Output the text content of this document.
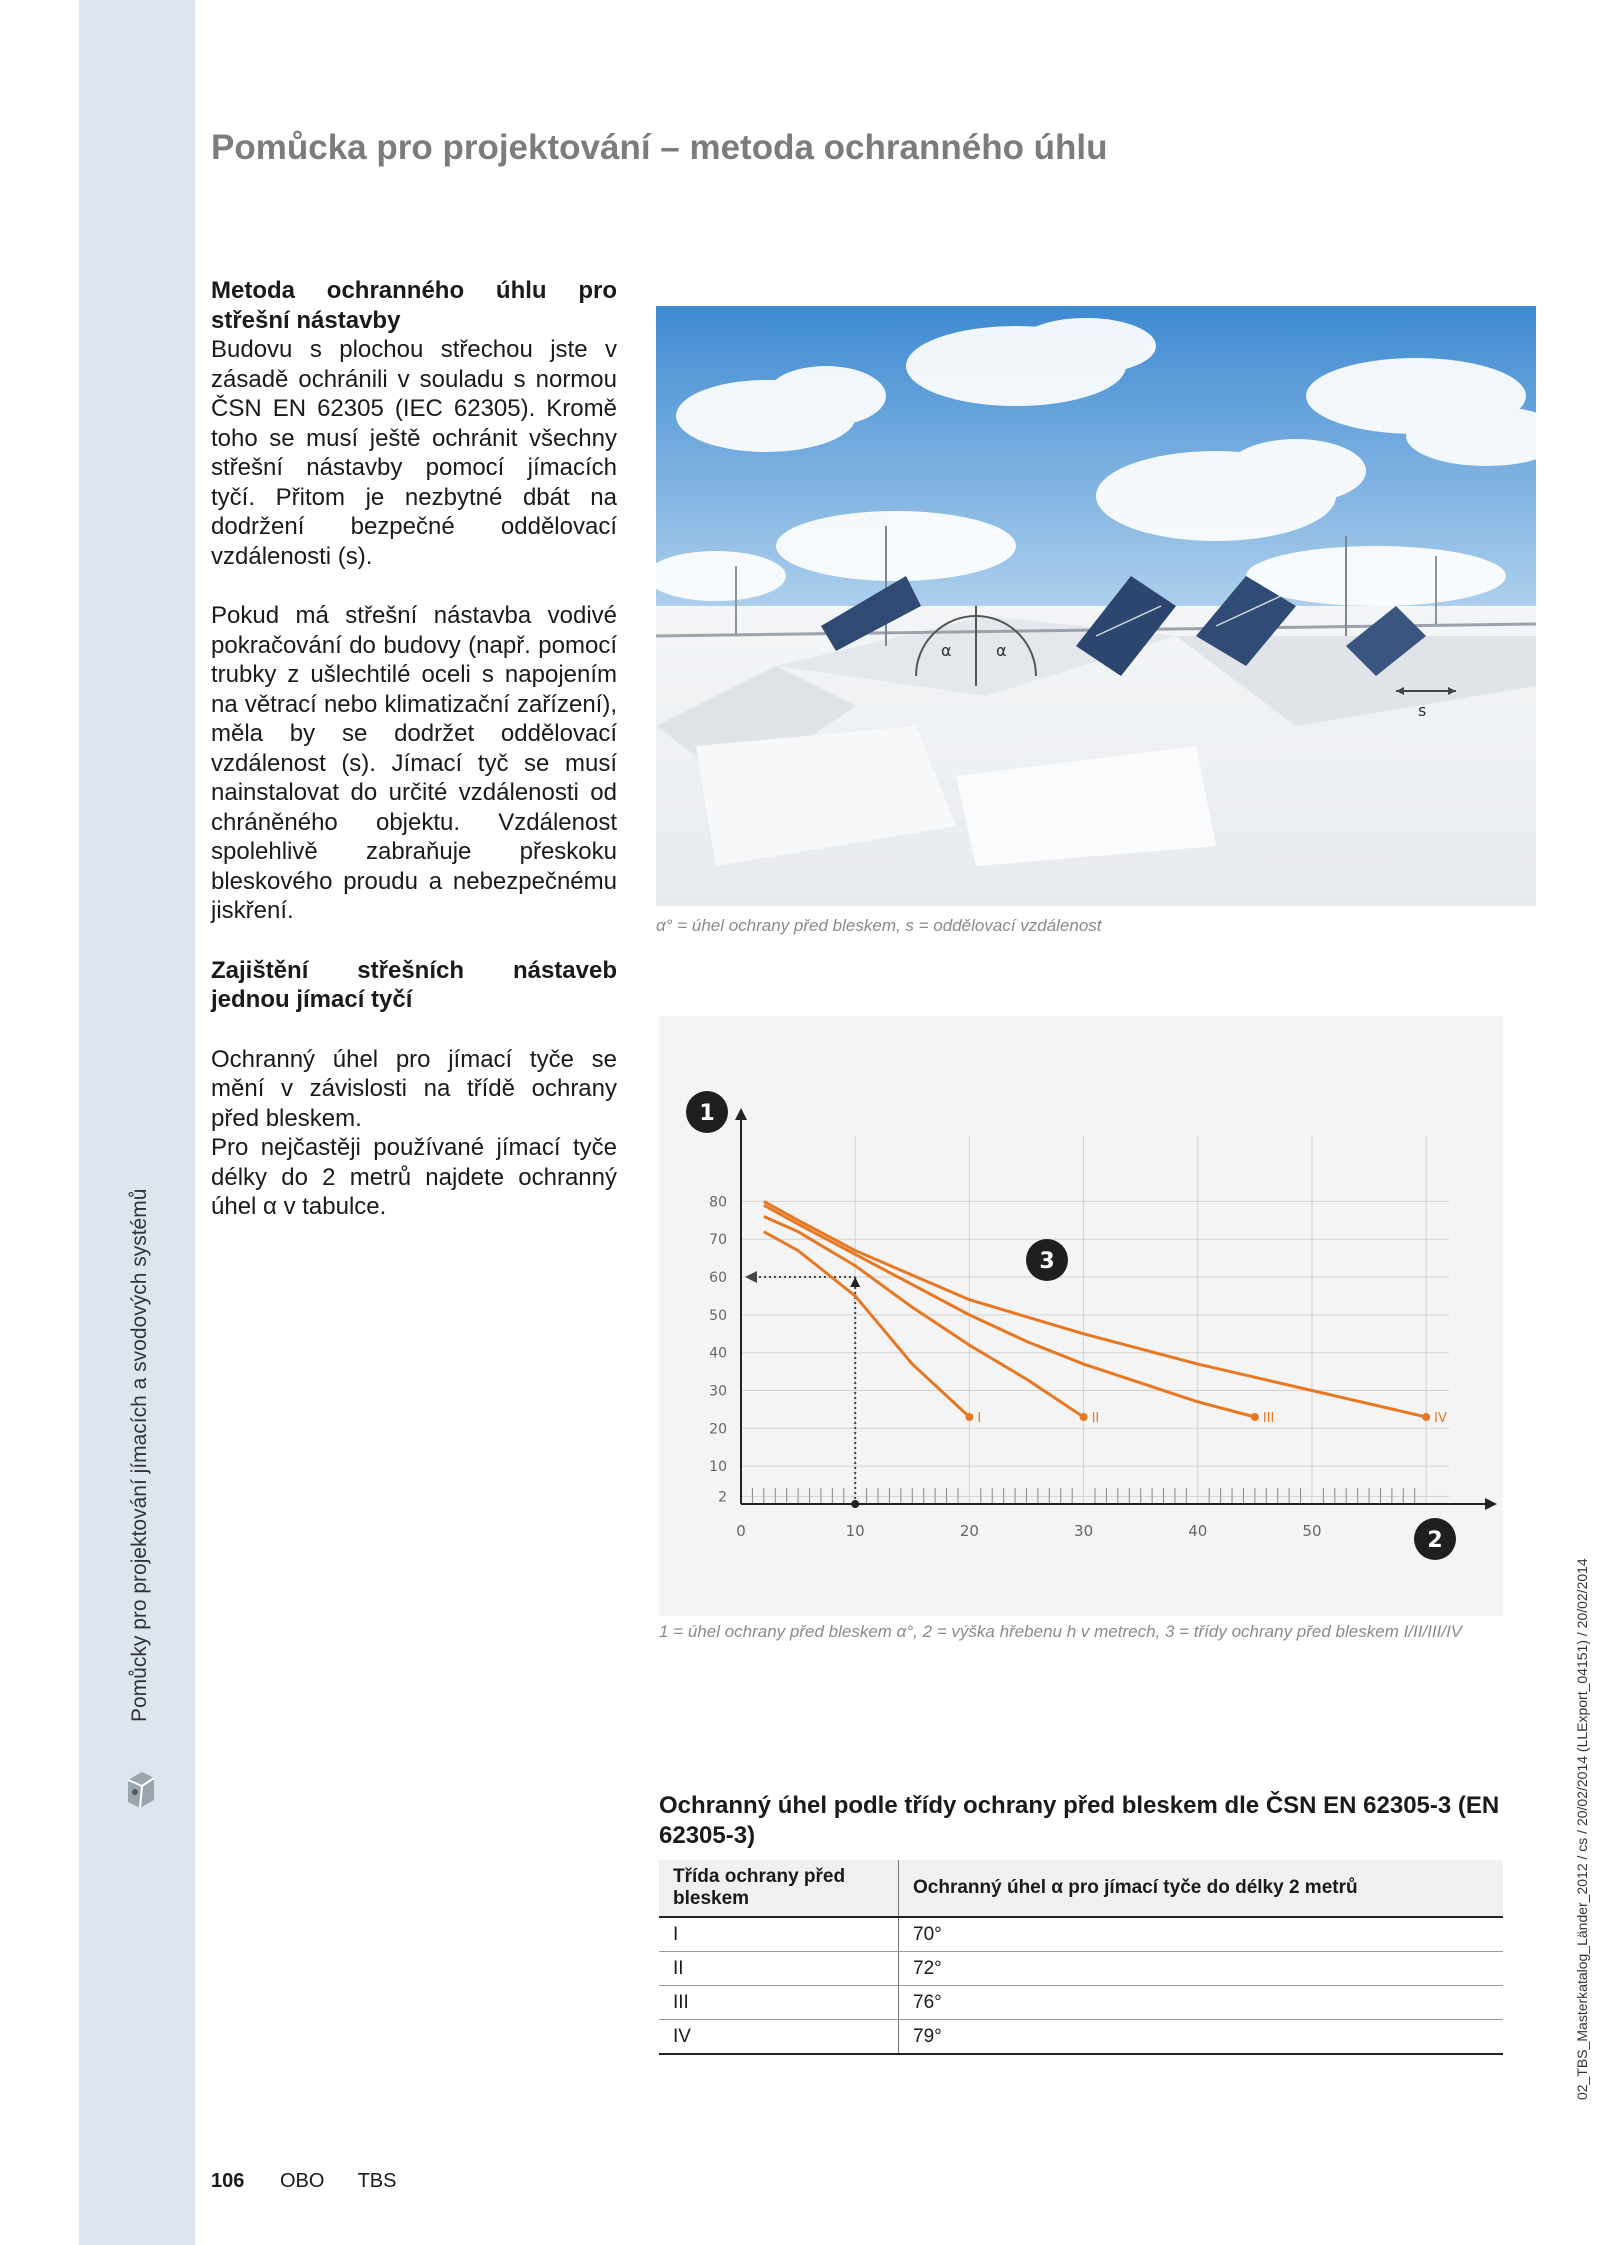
Pomůcky pro projektování jímacích a svodových systémů
02_TBS_Masterkatalog_Länder_2012 / cs / 20/02/2014 (LLExport_04151) / 20/02/2014
Pomůcka pro projektování – metoda ochranného úhlu

Metoda ochranného úhlu pro střešní nástavby

Budovu s plochou střechou jste v zásadě ochránili v souladu s normou ČSN EN 62305 (IEC 62305). Kromě toho se musí ještě ochránit všechny střešní nástavby pomocí jímacích tyčí. Přitom je nezbytné dbát na dodržení bezpečné oddělovací vzdálenosti (s).

Pokud má střešní nástavba vodivé pokračování do budovy (např. pomocí trubky z ušlechtilé oceli s napojením na větrací nebo klimatizační zařízení), měla by se dodržet oddělovací vzdálenost (s). Jímací tyč se musí nainstalovat do určité vzdálenosti od chráněného objektu. Vzdálenost spolehlivě zabraňuje přeskoku bleskového proudu a nebezpečnému jiskření.

Zajištění střešních nástaveb jednou jímací tyčí

Ochranný úhel pro jímací tyče se mění v závislosti na třídě ochrany před bleskem.

Pro nejčastěji používané jímací tyče délky do 2 metrů najdete ochranný úhel α v tabulce.

α	α
s
α° = úhel ochrany před bleskem, s = oddělovací vzdálenost
0	10	20	30	40	50
2
10
20
30
40
50
60
70
80
I	II	III	IV
1
2
3
1 = úhel ochrany před bleskem α°, 2 = výška hřebenu h v metrech, 3 = třídy ochrany před bleskem I/II/III/IV
Ochranný úhel podle třídy ochrany před bleskem dle ČSN EN 62305-3 (EN 62305-3)
Třída ochrany před bleskem	Ochranný úhel α pro jímací tyče do délky 2 metrů
I	70°
II	72°
III	76°
IV	79°
106 OBO TBS
